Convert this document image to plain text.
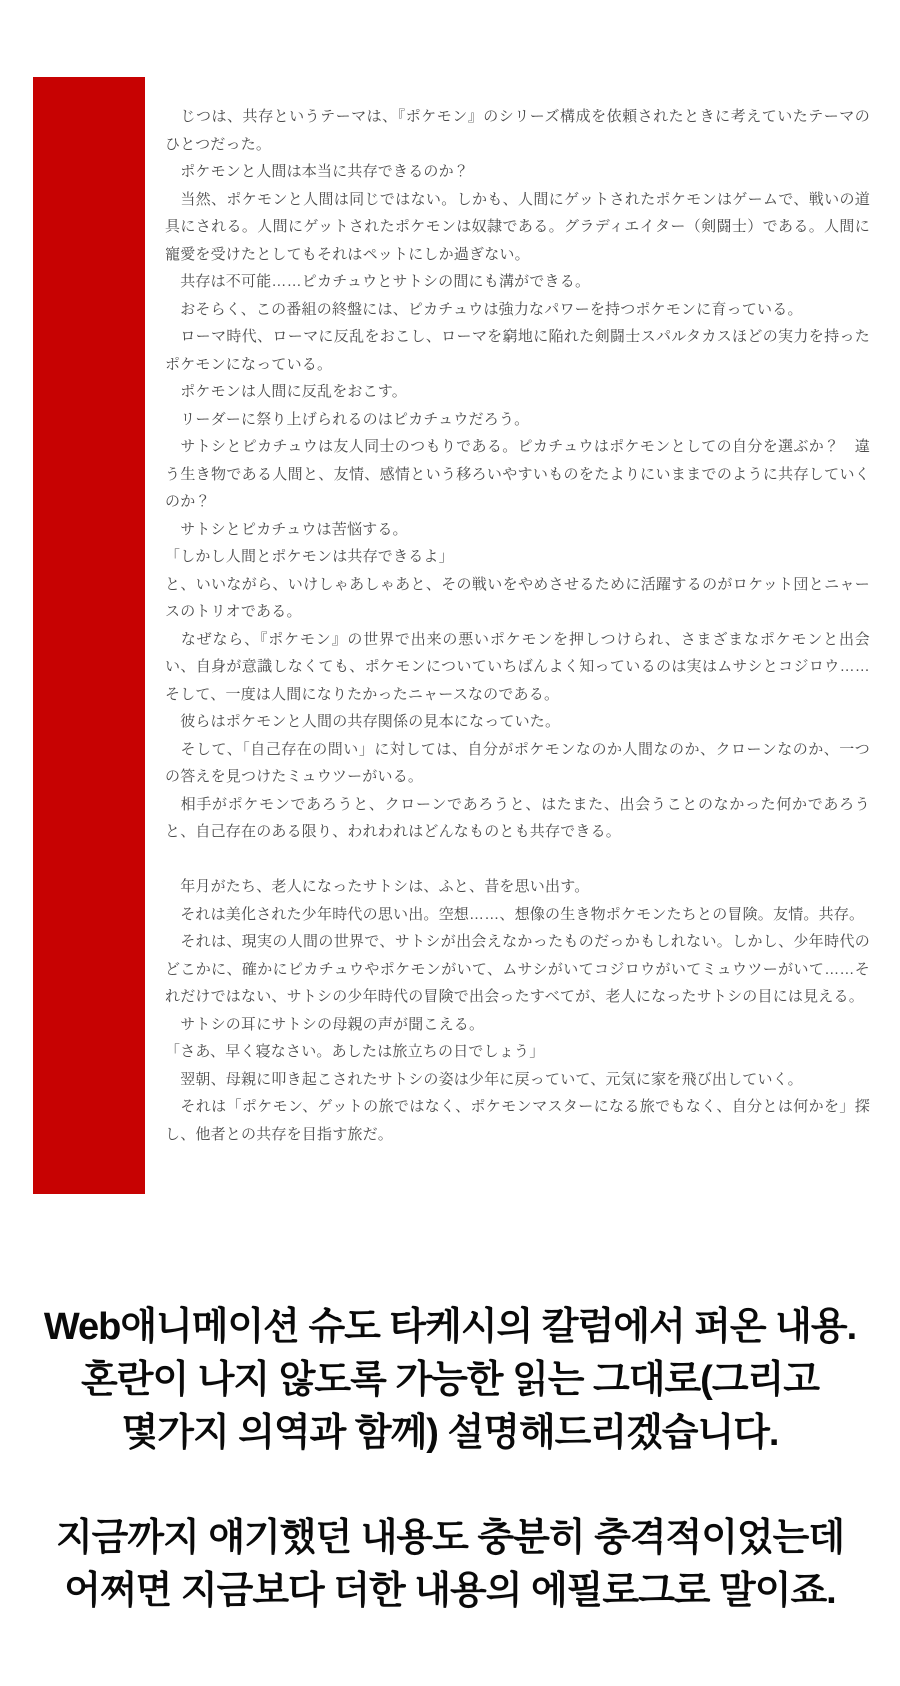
　じつは、共存というテーマは、『ポケモン』のシリーズ構成を依頼されたときに考えていたテーマのひとつだった。

　ポケモンと人間は本当に共存できるのか？

　当然、ポケモンと人間は同じではない。しかも、人間にゲットされたポケモンはゲームで、戦いの道具にされる。人間にゲットされたポケモンは奴隷である。グラディエイター（剣闘士）である。人間に寵愛を受けたとしてもそれはペットにしか過ぎない。

　共存は不可能……ピカチュウとサトシの間にも溝ができる。

　おそらく、この番組の終盤には、ピカチュウは強力なパワーを持つポケモンに育っている。

　ローマ時代、ローマに反乱をおこし、ローマを窮地に陥れた剣闘士スパルタカスほどの実力を持ったポケモンになっている。

　ポケモンは人間に反乱をおこす。

　リーダーに祭り上げられるのはピカチュウだろう。

　サトシとピカチュウは友人同士のつもりである。ピカチュウはポケモンとしての自分を選ぶか？　違う生き物である人間と、友情、感情という移ろいやすいものをたよりにいままでのように共存していくのか？

　サトシとピカチュウは苦悩する。

「しかし人間とポケモンは共存できるよ」

と、いいながら、いけしゃあしゃあと、その戦いをやめさせるために活躍するのがロケット団とニャースのトリオである。

　なぜなら、『ポケモン』の世界で出来の悪いポケモンを押しつけられ、さまざまなポケモンと出会い、自身が意識しなくても、ポケモンについていちばんよく知っているのは実はムサシとコジロウ……そして、一度は人間になりたかったニャースなのである。

　彼らはポケモンと人間の共存関係の見本になっていた。

　そして、「自己存在の問い」に対しては、自分がポケモンなのか人間なのか、クローンなのか、一つの答えを見つけたミュウツーがいる。

　相手がポケモンであろうと、クローンであろうと、はたまた、出会うことのなかった何かであろうと、自己存在のある限り、われわれはどんなものとも共存できる。

　年月がたち、老人になったサトシは、ふと、昔を思い出す。

　それは美化された少年時代の思い出。空想……、想像の生き物ポケモンたちとの冒険。友情。共存。

　それは、現実の人間の世界で、サトシが出会えなかったものだっかもしれない。しかし、少年時代のどこかに、確かにピカチュウやポケモンがいて、ムサシがいてコジロウがいてミュウツーがいて……それだけではない、サトシの少年時代の冒険で出会ったすべてが、老人になったサトシの目には見える。

　サトシの耳にサトシの母親の声が聞こえる。

「さあ、早く寝なさい。あしたは旅立ちの日でしょう」

　翌朝、母親に叩き起こされたサトシの姿は少年に戻っていて、元気に家を飛び出していく。

　それは「ポケモン、ゲットの旅ではなく、ポケモンマスターになる旅でもなく、自分とは何かを」探し、他者との共存を目指す旅だ。

Web애니메이션 슈도 타케시의 칼럼에서 퍼온 내용. 혼란이 나지 않도록 가능한 읽는 그대로(그리고 몇가지 의역과 함께) 설명해드리겠습니다.

지금까지 얘기했던 내용도 충분히 충격적이었는데 어쩌면 지금보다 더한 내용의 에필로그로 말이죠.
